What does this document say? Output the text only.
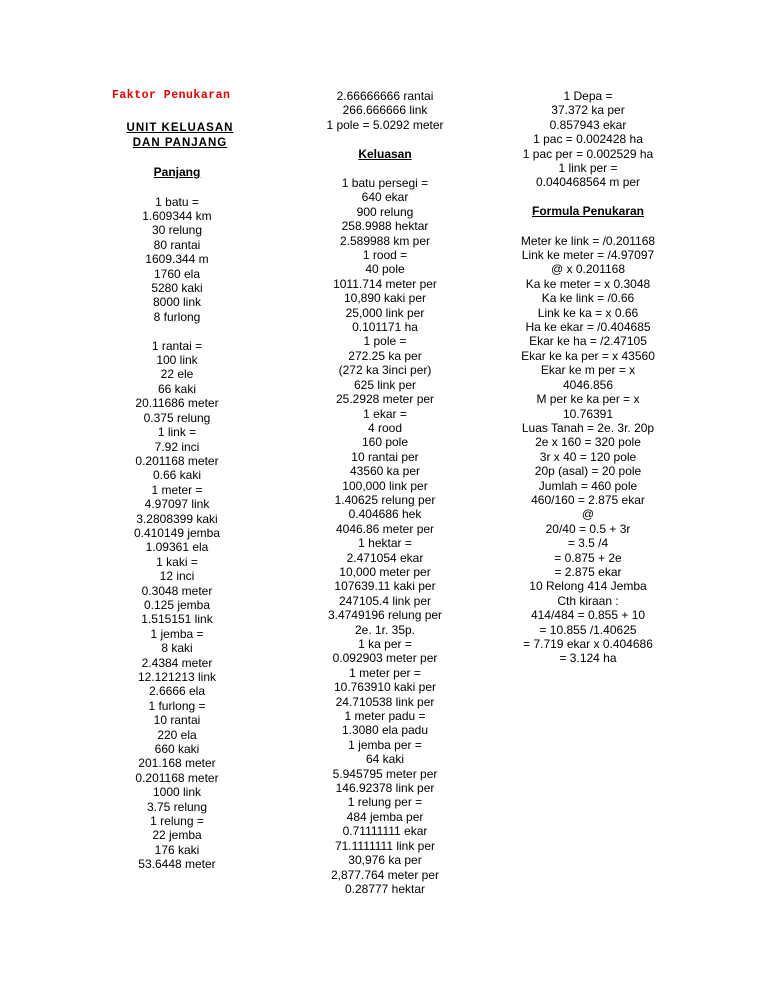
Faktor Penukaran
UNIT KELUASAN
DAN PANJANG
Panjang
1 batu =
1.609344 km
30 relung
80 rantai
1609.344 m
1760 ela
5280 kaki
8000 link
8 furlong
1 rantai =
100 link
22 ele
66 kaki
20.11686 meter
0.375 relung
1 link =
7.92 inci
0.201168 meter
0.66 kaki
1 meter =
4.97097 link
3.2808399 kaki
0.410149 jemba
1.09361 ela
1 kaki =
12 inci
0.3048 meter
0.125 jemba
1.515151 link
1 jemba =
8 kaki
2.4384 meter
12.121213 link
2.6666 ela
1 furlong =
10 rantai
220 ela
660 kaki
201.168 meter
0.201168 meter
1000 link
3.75 relung
1 relung =
22 jemba
176 kaki
53.6448 meter
2.66666666 rantai
266.666666 link
1 pole = 5.0292 meter
Keluasan
1 batu persegi =
640 ekar
900 relung
258.9988 hektar
2.589988 km per
1 rood =
40 pole
1011.714 meter per
10,890 kaki per
25,000 link per
0.101171 ha
1 pole =
272.25 ka per
(272 ka 3inci per)
625 link per
25.2928 meter per
1 ekar =
4 rood
160 pole
10 rantai per
43560 ka per
100,000 link per
1.40625 relung per
0.404686 hek
4046.86 meter per
1 hektar =
2.471054 ekar
10,000 meter per
107639.11 kaki per
247105.4 link per
3.4749196 relung per
2e. 1r. 35p.
1 ka per =
0.092903 meter per
1 meter per =
10.763910 kaki per
24.710538 link per
1 meter padu =
1.3080 ela padu
1 jemba per =
64 kaki
5.945795 meter per
146.92378 link per
1 relung per =
484 jemba per
0.71111111 ekar
71.1111111 link per
30,976 ka per
2,877.764 meter per
0.28777 hektar
1 Depa =
37.372 ka per
0.857943 ekar
1 pac = 0.002428 ha
1 pac per = 0.002529 ha
1 link per =
0.040468564 m per
Formula Penukaran
Meter ke link = /0.201168
Link ke meter = /4.97097
@ x 0.201168
Ka ke meter = x 0.3048
Ka ke link = /0.66
Link ke ka = x 0.66
Ha ke ekar = /0.404685
Ekar ke ha = /2.47105
Ekar ke ka per = x 43560
Ekar ke m per = x
4046.856
M per ke ka per = x
10.76391
Luas Tanah = 2e. 3r. 20p
2e x 160 = 320 pole
3r x 40 = 120 pole
20p (asal) = 20 pole
Jumlah = 460 pole
460/160 = 2.875 ekar
@
20/40 = 0.5 + 3r
= 3.5 /4
= 0.875 + 2e
= 2.875 ekar
10 Relong 414 Jemba
Cth kiraan :
414/484 = 0.855 + 10
= 10.855 /1.40625
= 7.719 ekar x 0.404686
= 3.124 ha
